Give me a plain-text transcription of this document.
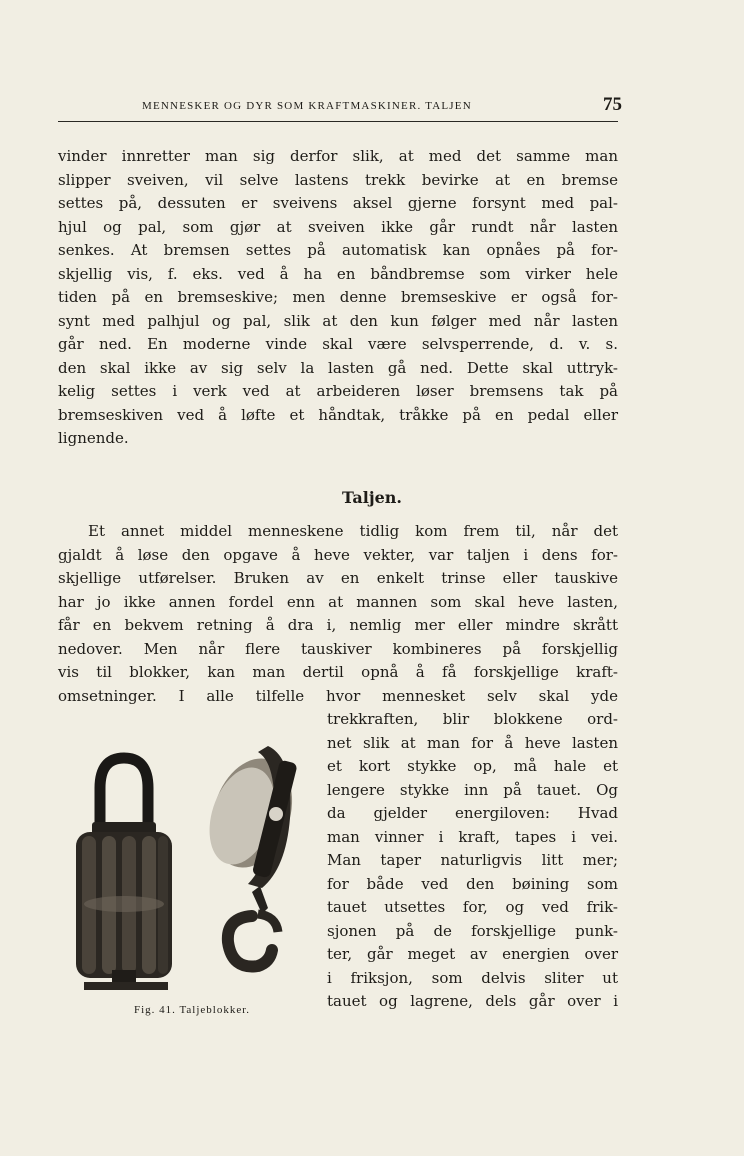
MENNESKER OG DYR SOM KRAFTMASKINER. TALJEN	75
vinder innretter man sig derfor slik, at med det samme man
slipper sveiven, vil selve lastens trekk bevirke at en bremse
settes på, dessuten er sveivens aksel gjerne forsynt med pal-
hjul og pal, som gjør at sveiven ikke går rundt når lasten
senkes. At bremsen settes på automatisk kan opnåes på for-
skjellig vis, f. eks. ved å ha en båndbremse som virker hele
tiden på en bremseskive; men denne bremseskive er også for-
synt med palhjul og pal, slik at den kun følger med når lasten
går ned. En moderne vinde skal være selvsperrende, d. v. s.
den skal ikke av sig selv la lasten gå ned. Dette skal uttryk-
kelig settes i verk ved at arbeideren løser bremsens tak på
bremseskiven ved å løfte et håndtak, tråkke på en pedal eller
lignende.
Taljen.
Et annet middel menneskene tidlig kom frem til, når det
gjaldt å løse den opgave å heve vekter, var taljen i dens for-
skjellige utførelser. Bruken av en enkelt trinse eller tauskive
har jo ikke annen fordel enn at mannen som skal heve lasten,
får en bekvem retning å dra i, nemlig mer eller mindre skrått
nedover. Men når flere tauskiver kombineres på forskjellig
vis til blokker, kan man dertil opnå å få forskjellige kraft-
omsetninger. I alle tilfelle hvor mennesket selv skal yde
trekkraften, blir blokkene ord-
net slik at man for å heve lasten
et kort stykke op, må hale et
lengere stykke inn på tauet. Og
da gjelder energiloven: Hvad
man vinner i kraft, tapes i vei.
Man taper naturligvis litt mer;
for både ved den bøining som
tauet utsettes for, og ved frik-
sjonen på de forskjellige punk-
ter, går meget av energien over
i friksjon, som delvis sliter ut
tauet og lagrene, dels går over i
Fig. 41. Taljeblokker.
